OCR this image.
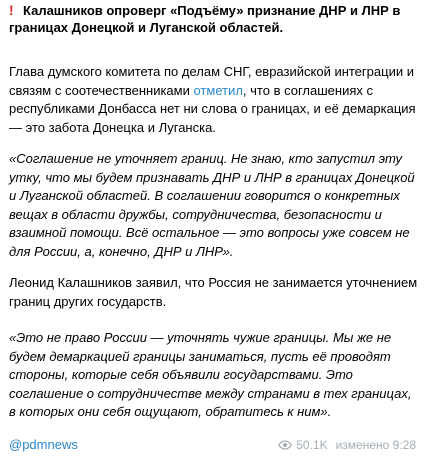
! Калашников опроверг «Подъёму» признание ДНР и ЛНР в границах Донецкой и Луганской областей.

Глава думского комитета по делам СНГ, евразийской интеграции и связям с соотечественниками отметил, что в соглашениях с республиками Донбасса нет ни слова о границах, и её демаркация — это забота Донецка и Луганска.

«Соглашение не уточняет границ. Не знаю, кто запустил эту утку, что мы будем признавать ДНР и ЛНР в границах Донецкой и Луганской областей. В соглашении говорится о конкретных вещах в области дружбы, сотрудничества, безопасности и взаимной помощи. Всё остальное — это вопросы уже совсем не для России, а, конечно, ДНР и ЛНР».

Леонид Калашников заявил, что Россия не занимается уточнением границ других государств.

«Это не право России — уточнять чужие границы. Мы же не будем демаркацией границы заниматься, пусть её проводят стороны, которые себя объявили государствами. Это соглашение о сотрудничестве между странами в тех границах, в которых они себя ощущают, обратитесь к ним».

@pdmnews	50.1K изменено 9:28
